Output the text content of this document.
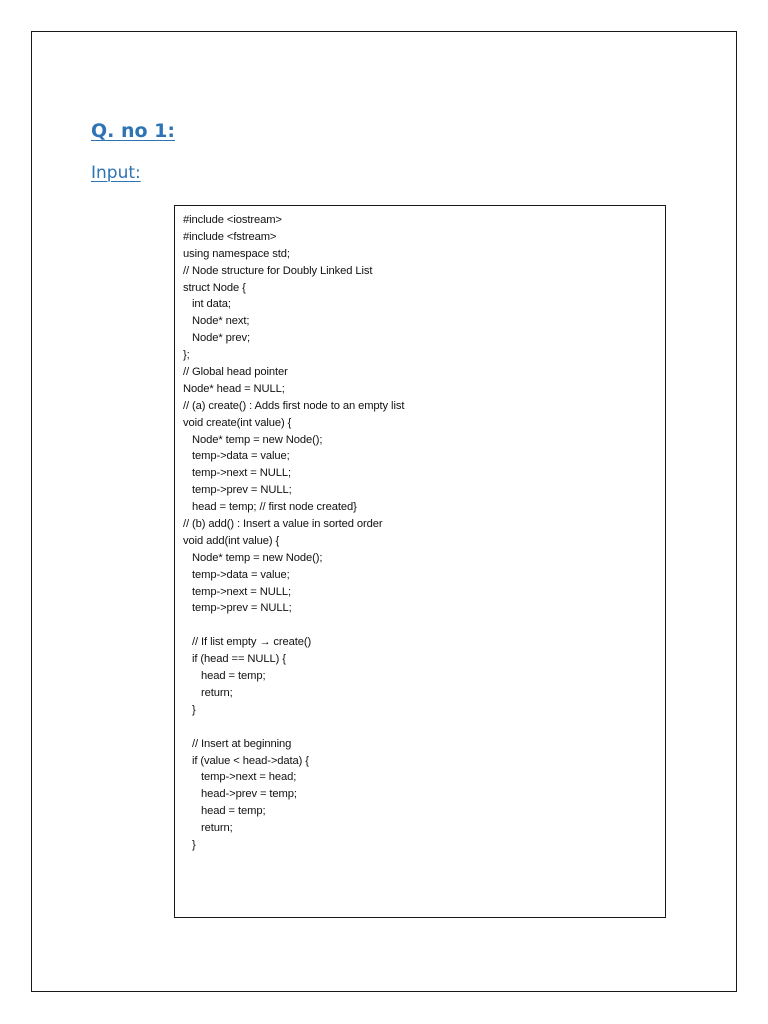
Q. no 1:
Input:
#include <iostream>
#include <fstream>
using namespace std;
// Node structure for Doubly Linked List
struct Node {
int data;
Node* next;
Node* prev;
};
// Global head pointer
Node* head = NULL;
// (a) create() : Adds first node to an empty list
void create(int value) {
Node* temp = new Node();
temp->data = value;
temp->next = NULL;
temp->prev = NULL;
head = temp; // first node created}
// (b) add() : Insert a value in sorted order
void add(int value) {
Node* temp = new Node();
temp->data = value;
temp->next = NULL;
temp->prev = NULL;
// If list empty → create()
if (head == NULL) {
head = temp;
return;
}
// Insert at beginning
if (value < head->data) {
temp->next = head;
head->prev = temp;
head = temp;
return;
}
